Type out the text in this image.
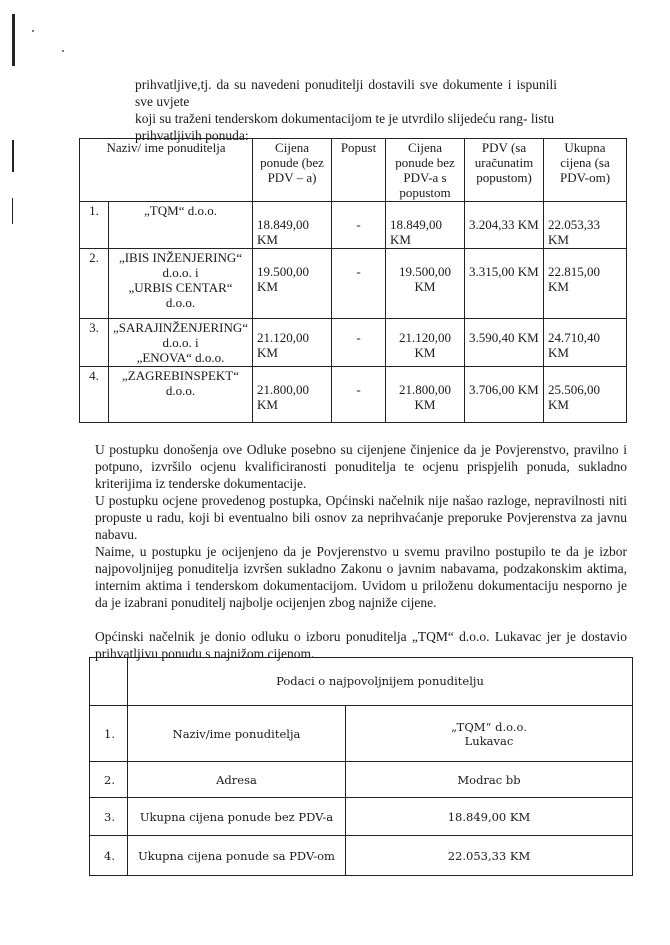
prihvatljive,tj. da su navedeni ponuditelji dostavili sve dokumente i ispunili sve uvjete

koji su traženi tenderskom dokumentacijom te je utvrdilo slijedeću rang- listu

prihvatljivih ponuda:

Naziv/ ime ponuditelja		Cijena ponude (bez PDV – a)	Popust	Cijena ponude bez PDV-a s popustom	PDV (sa uračunatim popustom)	Ukupna cijena (sa PDV-om)
1.	„TQM“ d.o.o.	18.849,00 KM	-	18.849,00 KM	3.204,33 KM	22.053,33 KM
2.	„IBIS INŽENJERING“
d.o.o. i
„URBIS CENTAR“
d.o.o.	19.500,00 KM	-	19.500,00 KM	3.315,00 KM	22.815,00 KM
3.	„SARAJINŽENJERING“
d.o.o. i
„ENOVA“ d.o.o.	21.120,00 KM	-	21.120,00 KM	3.590,40 KM	24.710,40 KM
4.	„ZAGREBINSPEKT“
d.o.o.	21.800,00 KM	-	21.800,00 KM	3.706,00 KM	25.506,00 KM

U postupku donošenja ove Odluke posebno su cijenjene činjenice da je Povjerenstvo, pravilno i potpuno, izvršilo ocjenu kvalificiranosti ponuditelja te ocjenu prispjelih ponuda, sukladno kriterijima iz tenderske dokumentacije.

U postupku ocjene provedenog postupka, Općinski načelnik nije našao razloge, nepravilnosti niti propuste u radu, koji bi eventualno bili osnov za neprihvaćanje preporuke Povjerenstva za javnu nabavu.

Naime, u postupku je ocijenjeno da je Povjerenstvo u svemu pravilno postupilo te da je izbor najpovoljnijeg ponuditelja izvršen sukladno Zakonu o javnim nabavama, podzakonskim aktima, internim aktima i tenderskom dokumentacijom. Uvidom u priloženu dokumentaciju nesporno je da je izabrani ponuditelj najbolje ocijenjen zbog najniže cijene.

Općinski načelnik je donio odluku o izboru ponuditelja „TQM“ d.o.o. Lukavac jer je dostavio prihvatljivu ponudu s najnižom cijenom.

	Podaci o najpovoljnijem ponuditelju	
1.	Naziv/ime ponuditelja	„TQM“ d.o.o.
Lukavac

2.	Adresa	Modrac bb
3.	Ukupna cijena ponude bez PDV-a	18.849,00 KM
4.	Ukupna cijena ponude sa PDV-om	22.053,33 KM
